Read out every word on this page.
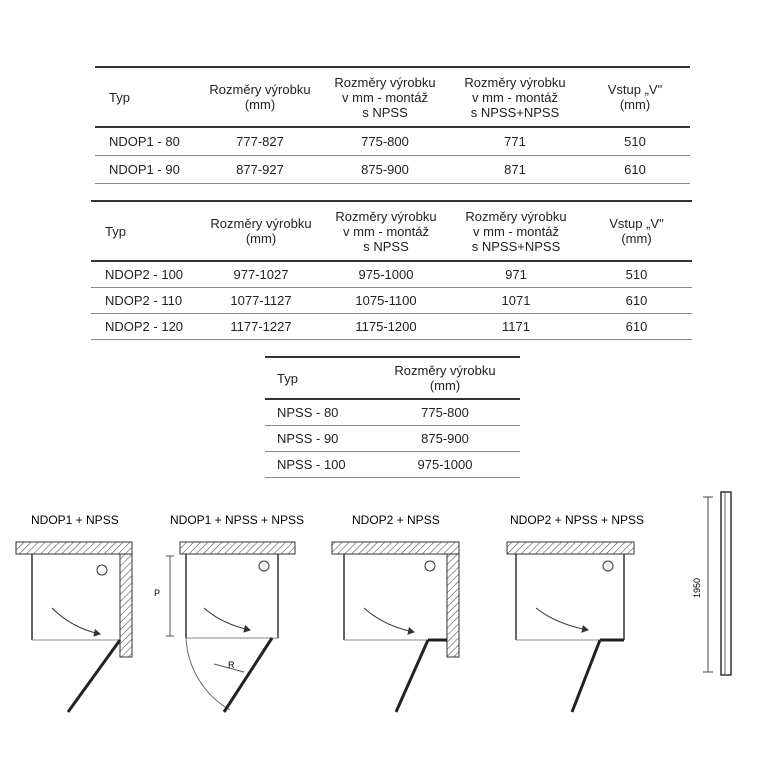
Typ	Rozměry výrobku
(mm)
Rozměry výrobku
v mm - montáž
s NPSS
Rozměry výrobku
v mm - montáž
s NPSS+NPSS
Vstup „V"
(mm)
NDOP1 - 80	777-827	775-800	771	510
NDOP1 - 90	877-927	875-900	871	610
Typ	Rozměry výrobku
(mm)
Rozměry výrobku
v mm - montáž
s NPSS
Rozměry výrobku
v mm - montáž
s NPSS+NPSS
Vstup „V"
(mm)
NDOP2 - 100	977-1027	975-1000	971	510
NDOP2 - 110	1077-1127	1075-1100	1071	610
NDOP2 - 120	1177-1227	1175-1200	1171	610
Typ	Rozměry výrobku
(mm)
NPSS - 80	775-800
NPSS - 90	875-900
NPSS - 100	975-1000
NDOP1 + NPSS	NDOP1 + NPSS + NPSS
P
R
NDOP2 + NPSS	NDOP2 + NPSS + NPSS
1950
